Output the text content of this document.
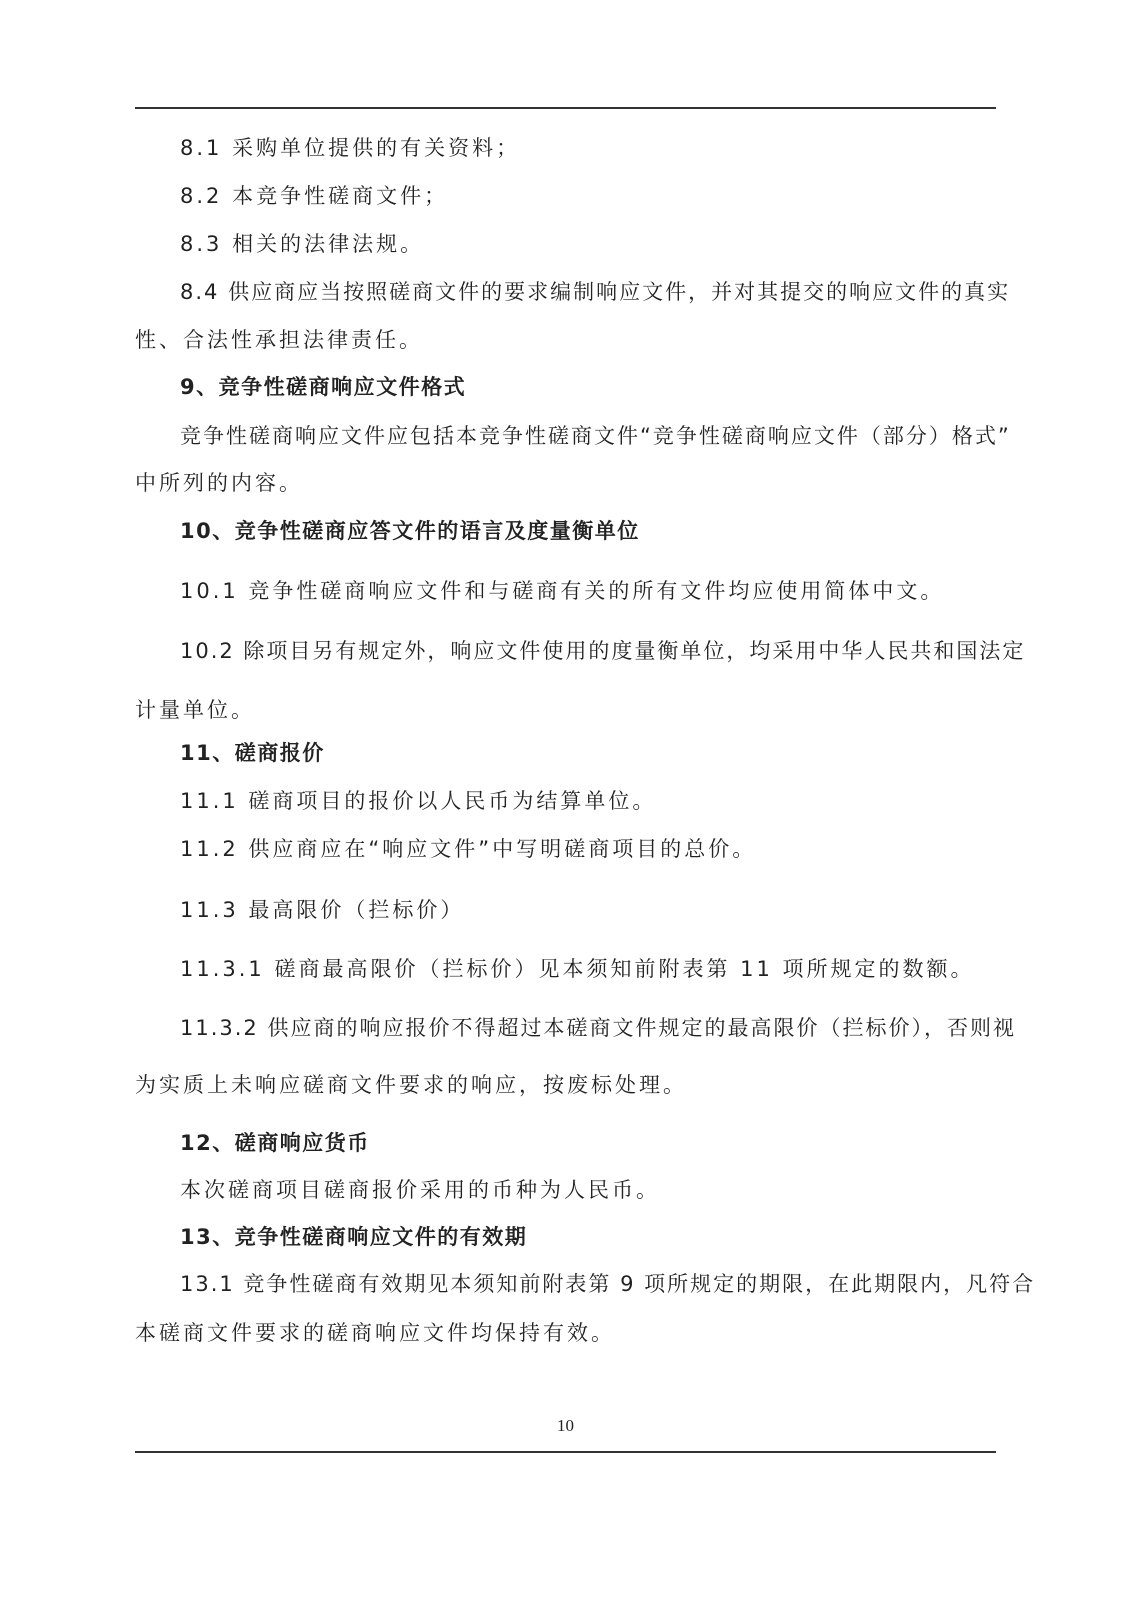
8.1 采购单位提供的有关资料；

8.2 本竞争性磋商文件；

8.3 相关的法律法规。

8.4 供应商应当按照磋商文件的要求编制响应文件，并对其提交的响应文件的真实

性、合法性承担法律责任。

9、竞争性磋商响应文件格式

竞争性磋商响应文件应包括本竞争性磋商文件“竞争性磋商响应文件（部分）格式”

中所列的内容。

10、竞争性磋商应答文件的语言及度量衡单位

10.1 竞争性磋商响应文件和与磋商有关的所有文件均应使用简体中文。

10.2 除项目另有规定外，响应文件使用的度量衡单位，均采用中华人民共和国法定

计量单位。

11、磋商报价

11.1 磋商项目的报价以人民币为结算单位。

11.2 供应商应在“响应文件”中写明磋商项目的总价。

11.3 最高限价（拦标价）

11.3.1 磋商最高限价（拦标价）见本须知前附表第 11 项所规定的数额。

11.3.2 供应商的响应报价不得超过本磋商文件规定的最高限价（拦标价），否则视

为实质上未响应磋商文件要求的响应，按废标处理。

12、磋商响应货币

本次磋商项目磋商报价采用的币种为人民币。

13、竞争性磋商响应文件的有效期

13.1 竞争性磋商有效期见本须知前附表第 9 项所规定的期限，在此期限内，凡符合

本磋商文件要求的磋商响应文件均保持有效。

10
